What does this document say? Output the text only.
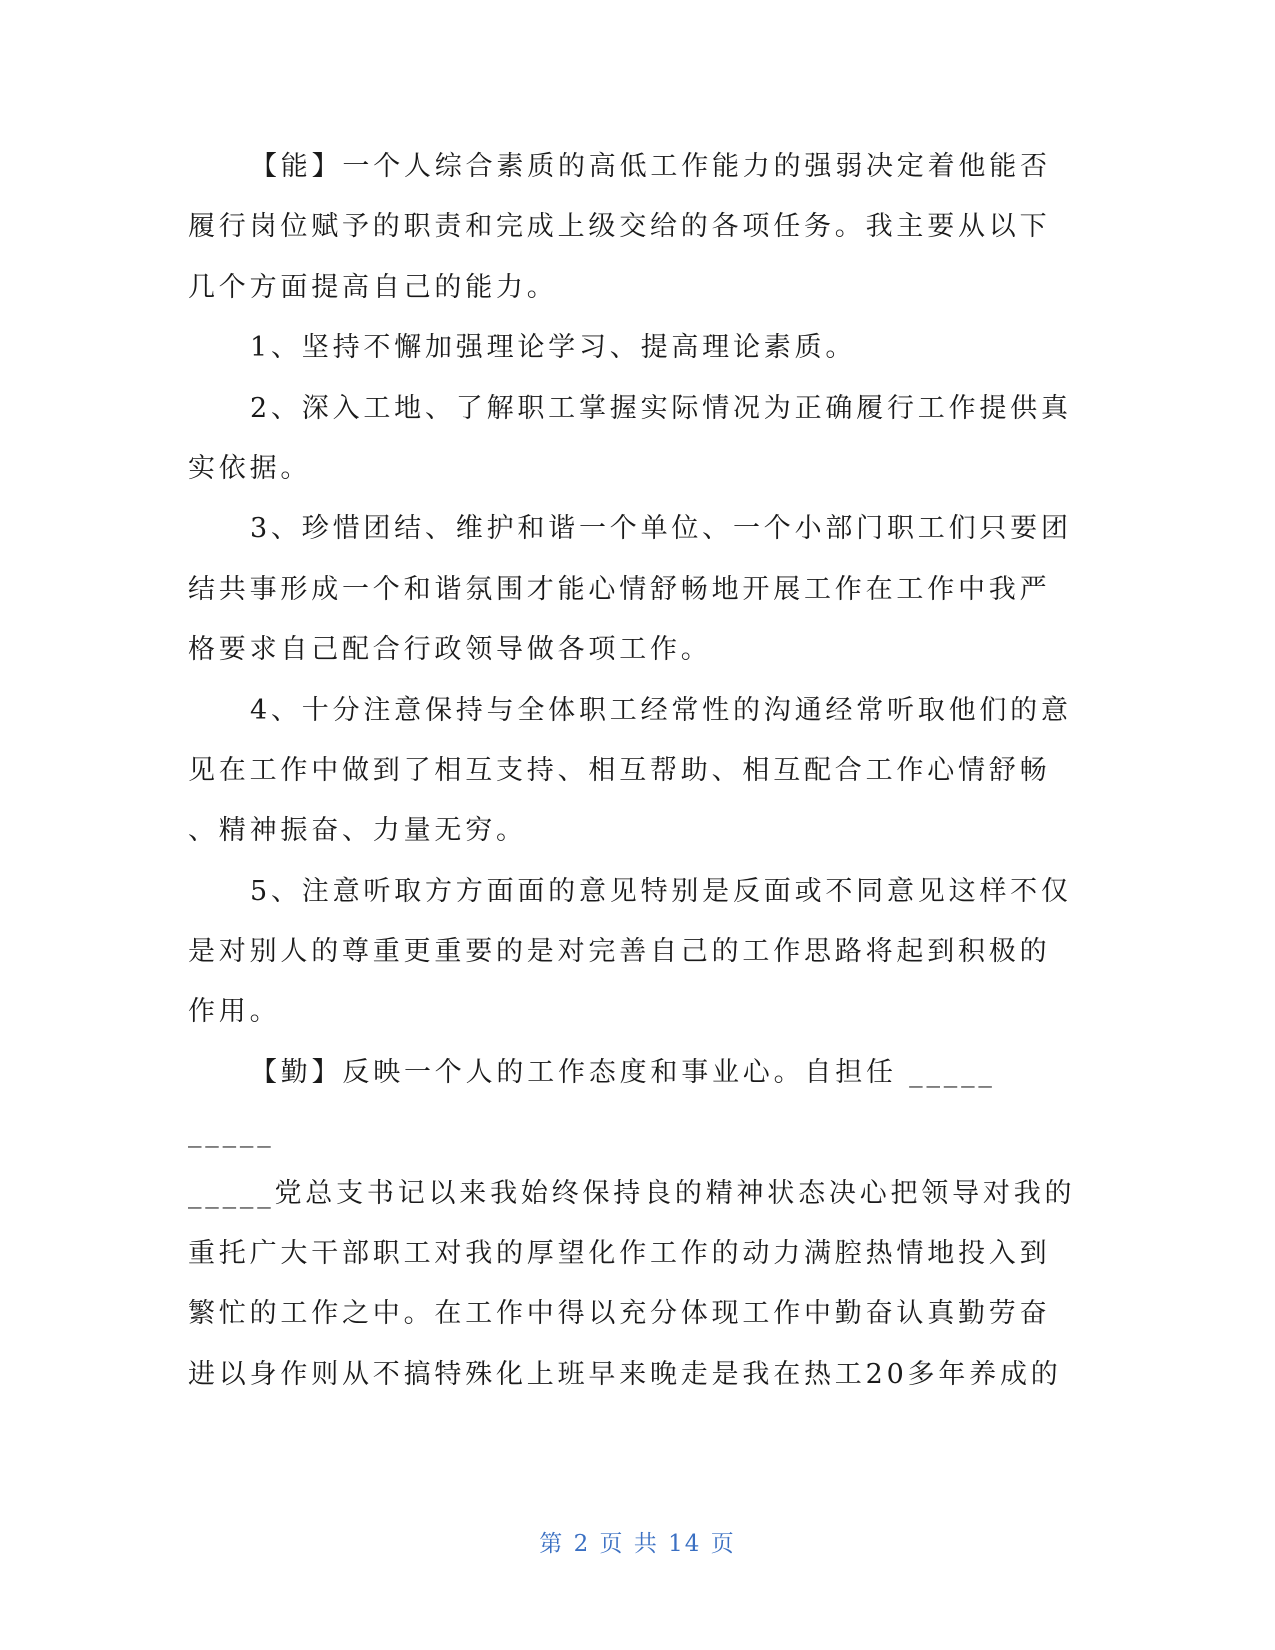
【能】一个人综合素质的高低工作能力的强弱决定着他能否
履行岗位赋予的职责和完成上级交给的各项任务。我主要从以下
几个方面提高自己的能力。
1、坚持不懈加强理论学习、提高理论素质。
2、深入工地、了解职工掌握实际情况为正确履行工作提供真
实依据。
3、珍惜团结、维护和谐一个单位、一个小部门职工们只要团
结共事形成一个和谐氛围才能心情舒畅地开展工作在工作中我严
格要求自己配合行政领导做各项工作。
4、十分注意保持与全体职工经常性的沟通经常听取他们的意
见在工作中做到了相互支持、相互帮助、相互配合工作心情舒畅
、精神振奋、力量无穷。
5、注意听取方方面面的意见特别是反面或不同意见这样不仅
是对别人的尊重更重要的是对完善自己的工作思路将起到积极的
作用。
【勤】反映一个人的工作态度和事业心。自担任 _____
_____
_____党总支书记以来我始终保持良的精神状态决心把领导对我的
重托广大干部职工对我的厚望化作工作的动力满腔热情地投入到
繁忙的工作之中。在工作中得以充分体现工作中勤奋认真勤劳奋
进以身作则从不搞特殊化上班早来晚走是我在热工20多年养成的
第 2 页 共 14 页
